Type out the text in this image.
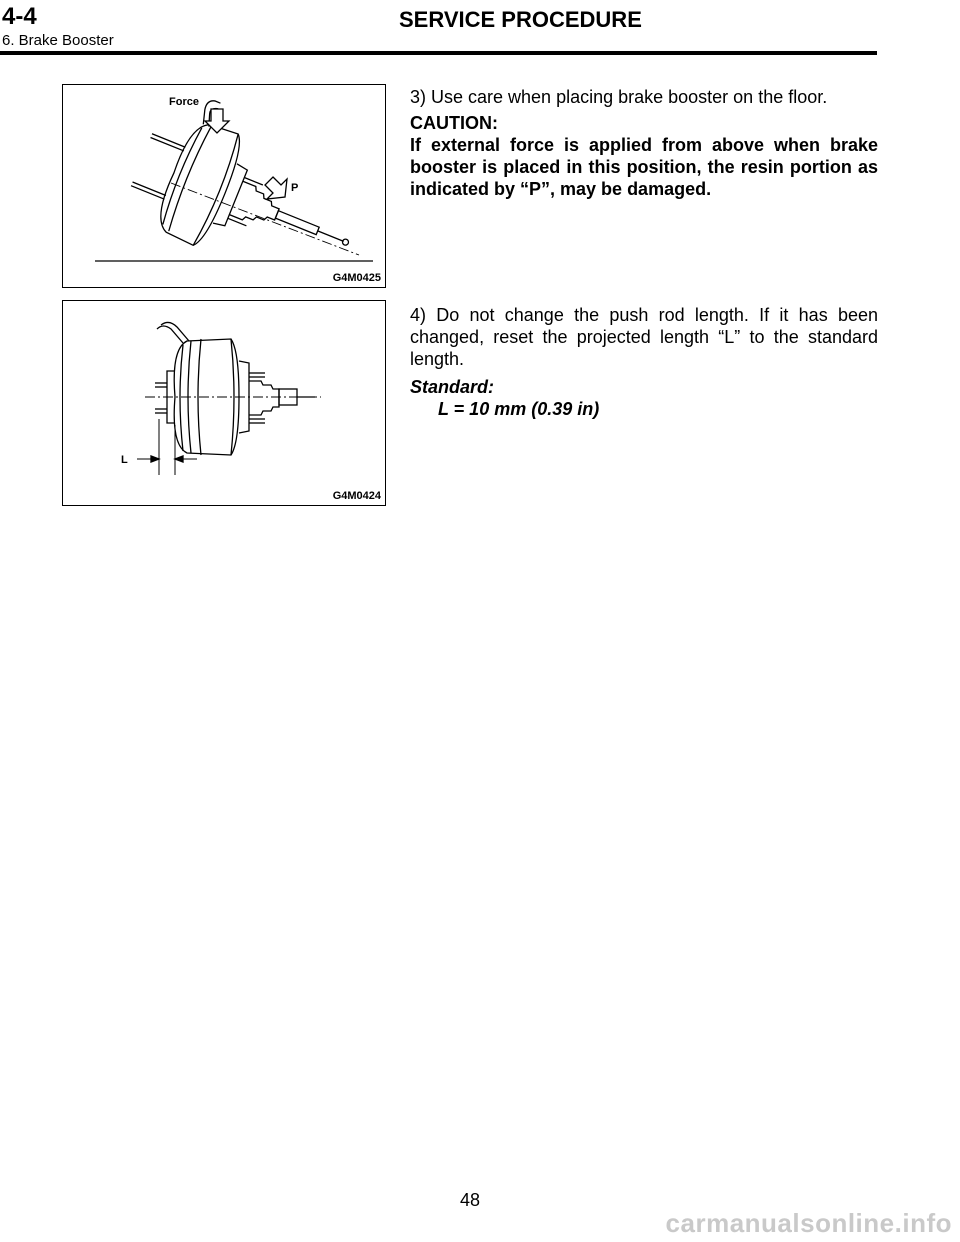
4-4	SERVICE PROCEDURE
6. Brake Booster
Force
P
G4M0425

3) Use care when placing brake booster on the floor.

CAUTION:

If external force is applied from above when brake booster is placed in this position, the resin portion as indicated by “P”, may be damaged.

L
G4M0424

4) Do not change the push rod length. If it has been changed, reset the projected length “L” to the standard length.

Standard:

L = 10 mm (0.39 in)

48
carmanualsonline.info
